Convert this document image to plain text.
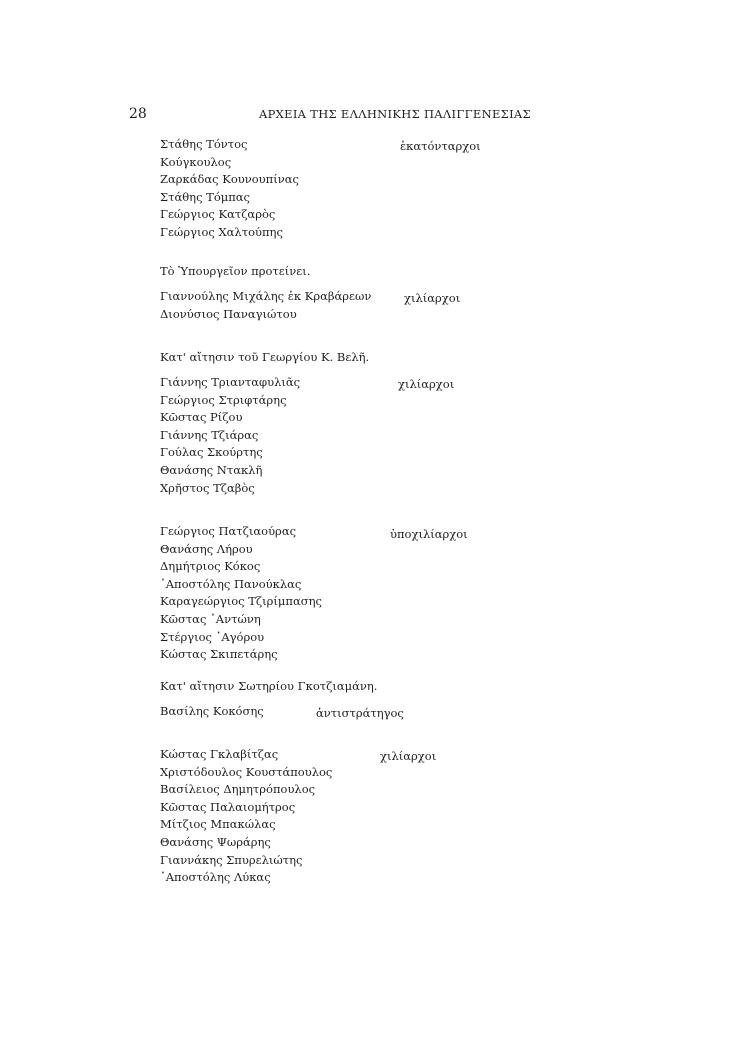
28	ΑΡΧΕΙΑ ΤΗΣ ΕΛΛΗΝΙΚΗΣ ΠΑΛΙΓΓΕΝΕΣΙΑΣ
ἑκατόνταρχοι
Στάθης Τόντος
Κούγκουλος
Ζαρκάδας Κουνουπίνας
Στάθης Τόμπας
Γεώργιος Κατζαρὸς
Γεώργιος Χαλτούπης
Τὸ Ὑπουργεῖον προτείνει.
χιλίαρχοι
Γιαννούλης Μιχάλης ἐκ Κραβάρεων
Διονύσιος Παναγιώτου
Κατ' αἴτησιν τοῦ Γεωργίου Κ. Βελῆ.
χιλίαρχοι
Γιάννης Τριανταφυλιᾶς
Γεώργιος Στριφτάρης
Κῶστας Ρίζου
Γιάννης Τζιάρας
Γούλας Σκούρτης
Θανάσης Ντακλῆ
Χρῆστος Τζαβὸς
ὑποχιλίαρχοι
Γεώργιος Πατζιαούρας
Θανάσης Λήρου
Δημήτριος Κόκος
᾿Αποστόλης Πανούκλας
Καραγεώργιος Τζιρίμπασης
Κῶστας ᾿Αντώνη
Στέργιος ᾿Αγόρου
Κώστας Σκιπετάρης
Κατ' αἴτησιν Σωτηρίου Γκοτζιαμάνη.
ἀντιστράτηγος
Βασίλης Κοκόσης
χιλίαρχοι
Κώστας Γκλαβίτζας
Χριστόδουλος Κουστάπουλος
Βασίλειος Δημητρόπουλος
Κῶστας Παλαιομήτρος
Μίτζιος Μπακώλας
Θανάσης Ψωράρης
Γιαννάκης Σπυρελιώτης
᾿Αποστόλης Λύκας
